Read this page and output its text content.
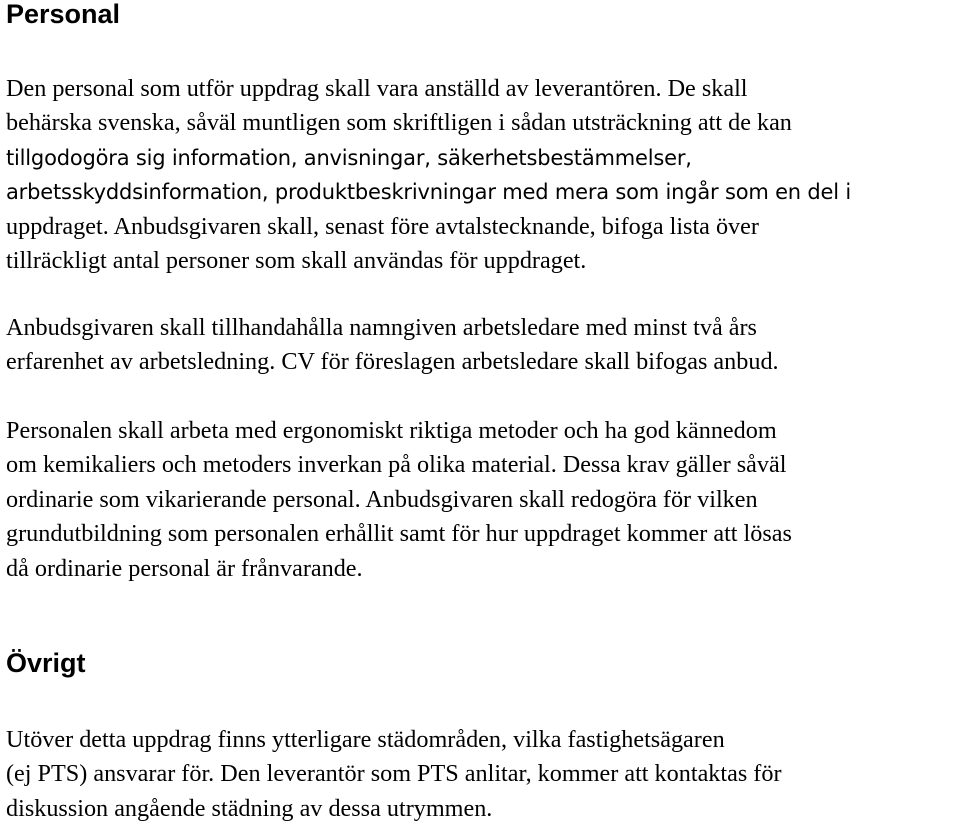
Personal

Den personal som utför uppdrag skall vara anställd av leverantören. De skall
behärska svenska, såväl muntligen som skriftligen i sådan utsträckning att de kan
tillgodogöra sig information, anvisningar, säkerhetsbestämmelser,
arbetsskyddsinformation, produktbeskrivningar med mera som ingår som en del i
uppdraget. Anbudsgivaren skall, senast före avtalstecknande, bifoga lista över
tillräckligt antal personer som skall användas för uppdraget.

Anbudsgivaren skall tillhandahålla namngiven arbetsledare med minst två års
erfarenhet av arbetsledning. CV för föreslagen arbetsledare skall bifogas anbud.

Personalen skall arbeta med ergonomiskt riktiga metoder och ha god kännedom
om kemikaliers och metoders inverkan på olika material. Dessa krav gäller såväl
ordinarie som vikarierande personal. Anbudsgivaren skall redogöra för vilken
grundutbildning som personalen erhållit samt för hur uppdraget kommer att lösas
då ordinarie personal är frånvarande.

Övrigt

Utöver detta uppdrag finns ytterligare städområden, vilka fastighetsägaren
(ej PTS) ansvarar för. Den leverantör som PTS anlitar, kommer att kontaktas för
diskussion angående städning av dessa utrymmen.
